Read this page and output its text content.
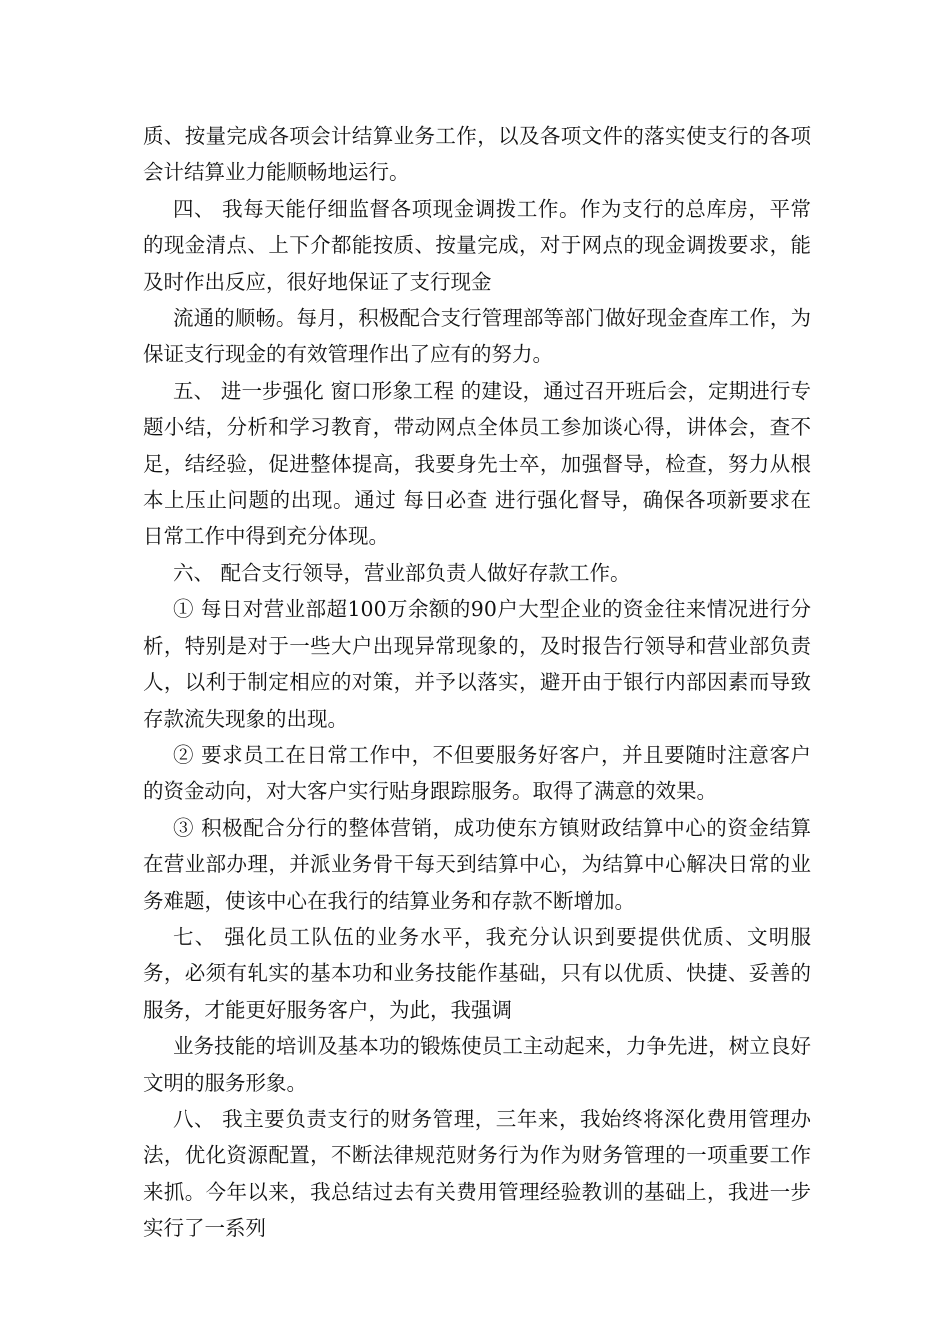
质、按量完成各项会计结算业务工作，以及各项文件的落实使支行的各项会计结算业力能顺畅地运行。

四、 我每天能仔细监督各项现金调拨工作。作为支行的总库房，平常的现金清点、上下介都能按质、按量完成，对于网点的现金调拨要求，能及时作出反应，很好地保证了支行现金

流通的顺畅。每月，积极配合支行管理部等部门做好现金查库工作，为保证支行现金的有效管理作出了应有的努力。

五、 进一步强化 窗口形象工程 的建设，通过召开班后会，定期进行专题小结，分析和学习教育，带动网点全体员工参加谈心得，讲体会，查不足，结经验，促进整体提高，我要身先士卒，加强督导，检查，努力从根本上压止问题的出现。通过 每日必查 进行强化督导，确保各项新要求在日常工作中得到充分体现。

六、 配合支行领导，营业部负责人做好存款工作。

① 每日对营业部超100万余额的90户大型企业的资金往来情况进行分析，特别是对于一些大户出现异常现象的，及时报告行领导和营业部负责人，以利于制定相应的对策，并予以落实，避开由于银行内部因素而导致存款流失现象的出现。

② 要求员工在日常工作中，不但要服务好客户，并且要随时注意客户的资金动向，对大客户实行贴身跟踪服务。取得了满意的效果。

③ 积极配合分行的整体营销，成功使东方镇财政结算中心的资金结算在营业部办理，并派业务骨干每天到结算中心，为结算中心解决日常的业务难题，使该中心在我行的结算业务和存款不断增加。

七、 强化员工队伍的业务水平，我充分认识到要提供优质、文明服务，必须有轧实的基本功和业务技能作基础，只有以优质、快捷、妥善的服务，才能更好服务客户，为此，我强调

业务技能的培训及基本功的锻炼使员工主动起来，力争先进，树立良好文明的服务形象。

八、 我主要负责支行的财务管理，三年来，我始终将深化费用管理办法，优化资源配置，不断法律规范财务行为作为财务管理的一项重要工作来抓。今年以来，我总结过去有关费用管理经验教训的基础上，我进一步实行了一系列
